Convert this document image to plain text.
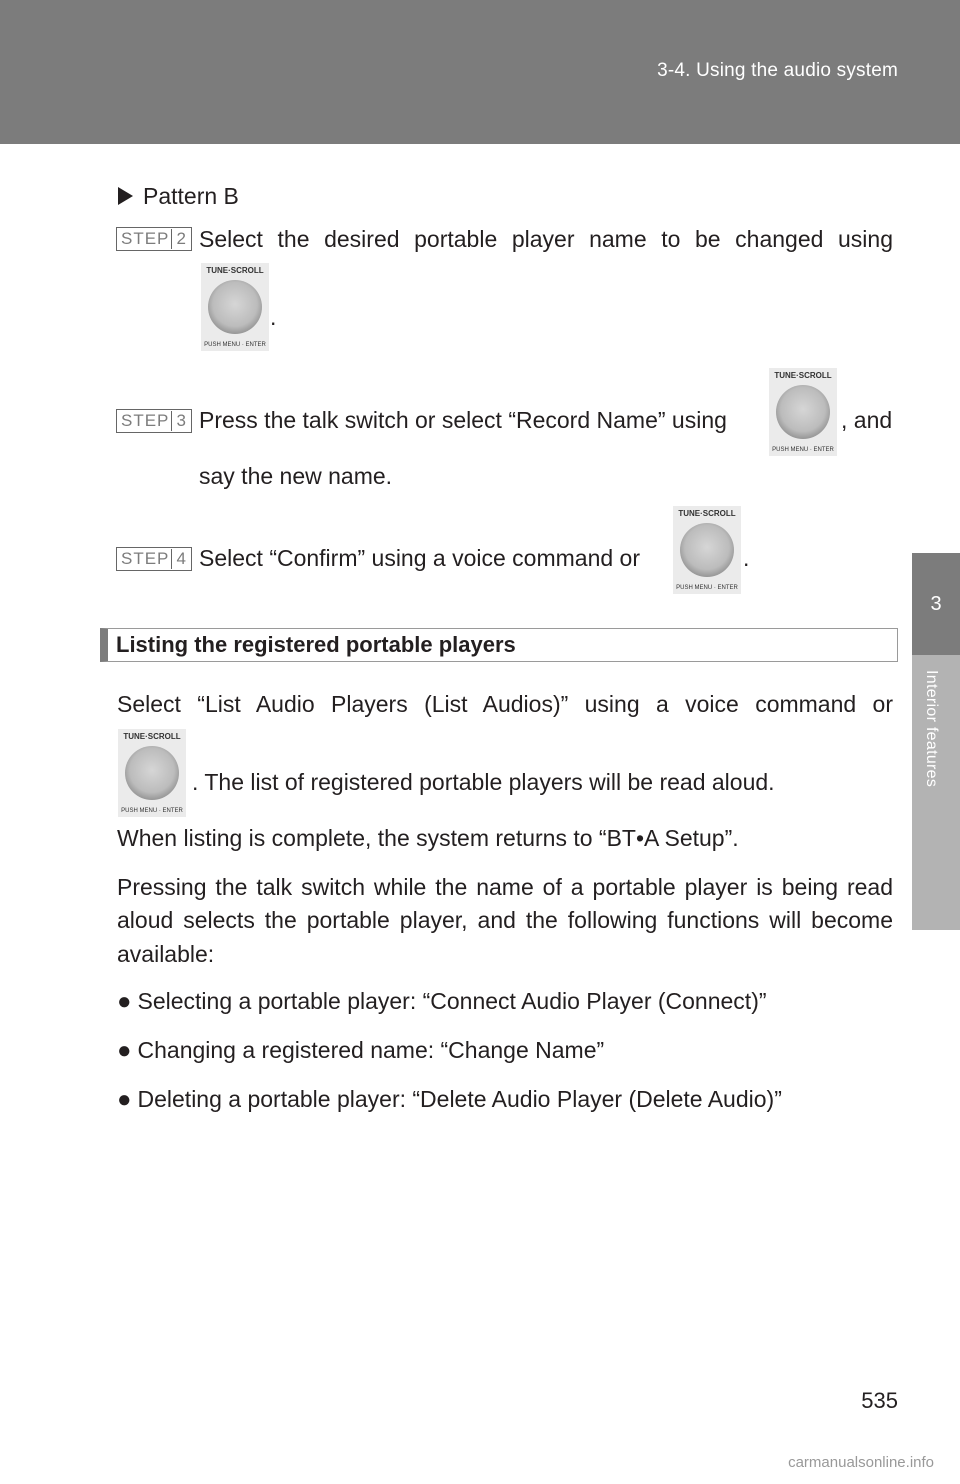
3-4. Using the audio system
3
Interior features
Pattern B
STEP 2 Select the desired portable player name to be changed using
TUNE·SCROLL
PUSH MENU · ENTER
.
STEP 3 Press the talk switch or select “Record Name” using
TUNE·SCROLL
PUSH MENU · ENTER
, and
say the new name.
STEP 4 Select “Confirm” using a voice command or
TUNE·SCROLL
PUSH MENU · ENTER
.
Listing the registered portable players
Select “List Audio Players (List Audios)” using a voice command or
TUNE·SCROLL
PUSH MENU · ENTER
. The list of registered portable players will be read aloud.
When listing is complete, the system returns to “BT•A Setup”.
Pressing the talk switch while the name of a portable player is being read
aloud selects the portable player, and the following functions will become
available:
● Selecting a portable player: “Connect Audio Player (Connect)”
● Changing a registered name: “Change Name”
● Deleting a portable player: “Delete Audio Player (Delete Audio)”
535
carmanualsonline.info
